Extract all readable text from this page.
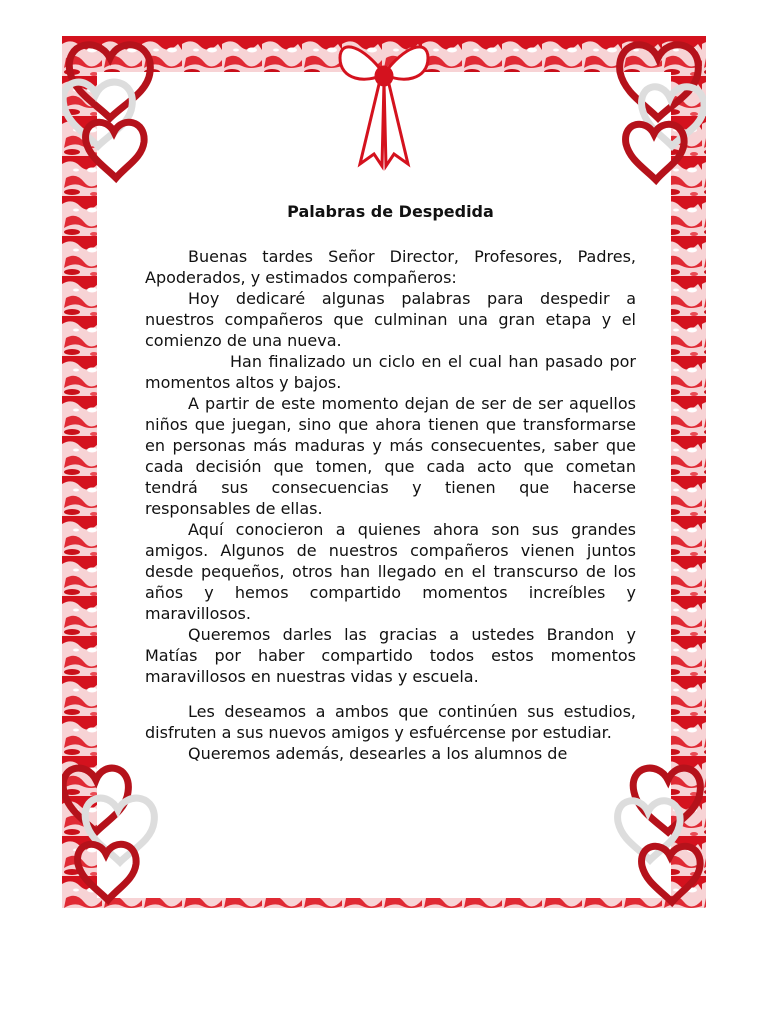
Palabras de Despedida

Buenas tardes Señor Director, Profesores, Padres, Apoderados, y estimados compañeros:

Hoy dedicaré algunas palabras para despedir a nuestros compañeros que culminan una gran etapa y el comienzo de una nueva.

Han finalizado un ciclo en el cual han pasado por momentos altos y bajos.

A partir de este momento dejan de ser de ser aquellos niños que juegan, sino que ahora tienen que transformarse en personas más maduras y más consecuentes, saber que cada decisión que tomen, que cada acto que cometan tendrá sus consecuencias y tienen que hacerse responsables de ellas.

Aquí conocieron a quienes ahora son sus grandes amigos. Algunos de nuestros compañeros vienen juntos desde pequeños, otros han llegado en el transcurso de los años y hemos compartido momentos increíbles y maravillosos.

Queremos darles las gracias a ustedes Brandon y Matías por haber compartido todos estos momentos maravillosos en nuestras vidas y escuela.

Les deseamos a ambos que continúen sus estudios, disfruten a sus nuevos amigos y esfuércense por estudiar.

Queremos además, desearles a los alumnos de
